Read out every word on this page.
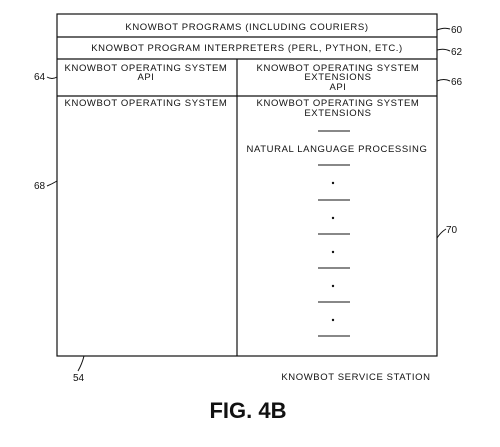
KNOWBOT PROGRAMS (INCLUDING COURIERS)
KNOWBOT PROGRAM INTERPRETERS (PERL, PYTHON, ETC.)
KNOWBOT OPERATING SYSTEM
API
KNOWBOT OPERATING SYSTEM
EXTENSIONS
API
KNOWBOT OPERATING SYSTEM	KNOWBOT OPERATING SYSTEM
EXTENSIONS
NATURAL LANGUAGE PROCESSING
60
62
64	66
68
70
54	KNOWBOT SERVICE STATION
FIG. 4B
